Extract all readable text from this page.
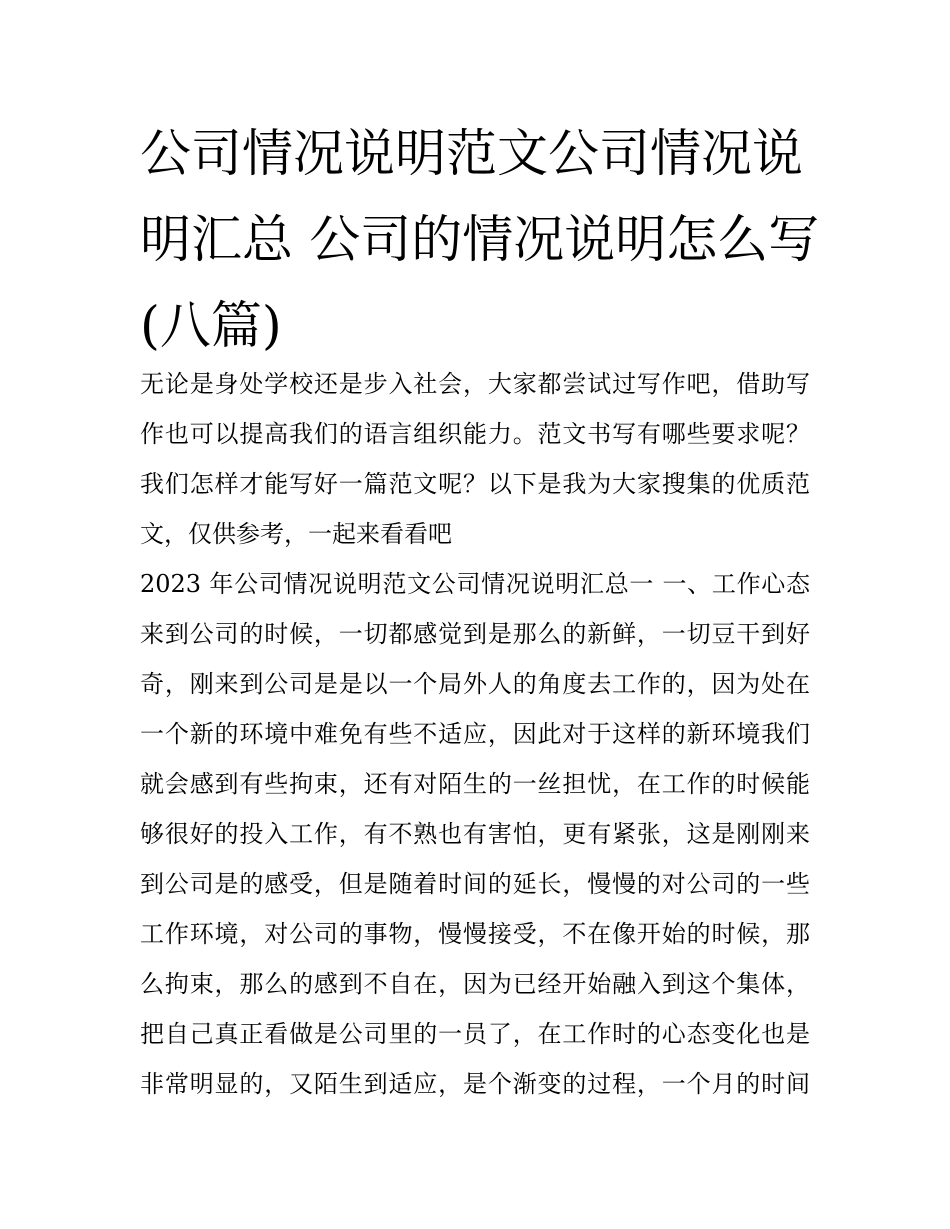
公司情况说明范文公司情况说
明汇总 公司的情况说明怎么写
(八篇)
无论是身处学校还是步入社会，大家都尝试过写作吧，借助写
作也可以提高我们的语言组织能力。范文书写有哪些要求呢？
我们怎样才能写好一篇范文呢？以下是我为大家搜集的优质范
文，仅供参考，一起来看看吧
2023 年公司情况说明范文公司情况说明汇总一 一、工作心态
来到公司的时候，一切都感觉到是那么的新鲜，一切豆干到好
奇，刚来到公司是是以一个局外人的角度去工作的，因为处在
一个新的环境中难免有些不适应，因此对于这样的新环境我们
就会感到有些拘束，还有对陌生的一丝担忧，在工作的时候能
够很好的投入工作，有不熟也有害怕，更有紧张，这是刚刚来
到公司是的感受，但是随着时间的延长，慢慢的对公司的一些
工作环境，对公司的事物，慢慢接受，不在像开始的时候，那
么拘束，那么的感到不自在，因为已经开始融入到这个集体，
把自己真正看做是公司里的一员了，在工作时的心态变化也是
非常明显的，又陌生到适应，是个渐变的过程，一个月的时间
